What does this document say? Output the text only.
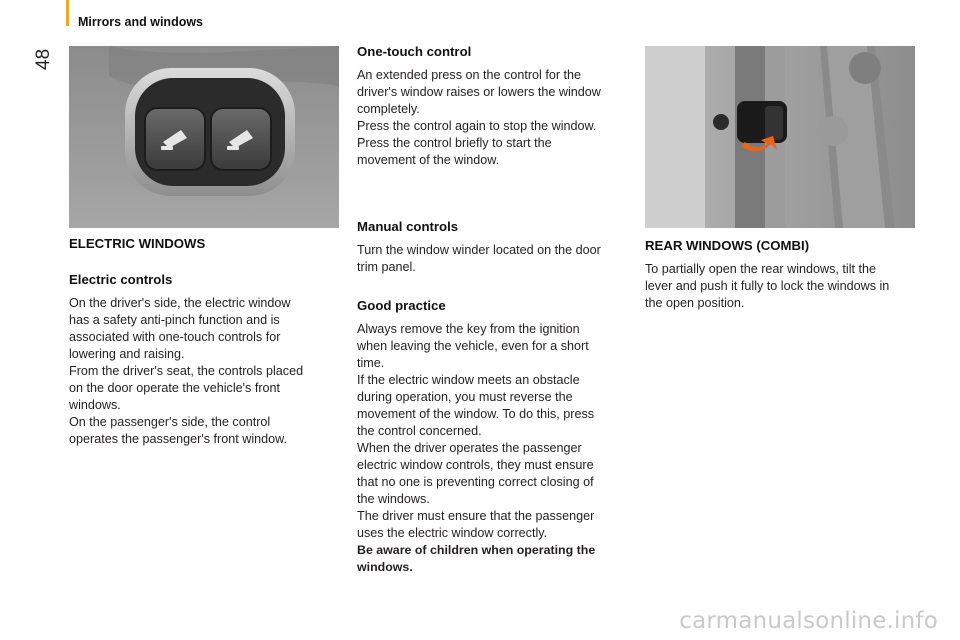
48
Mirrors and windows
ELECTRIC WINDOWS
Electric controls

On the driver's side, the electric window
has a safety anti-pinch function and is
associated with one-touch controls for
lowering and raising.
From the driver's seat, the controls placed
on the door operate the vehicle's front
windows.
On the passenger's side, the control
operates the passenger's front window.

One-touch control

An extended press on the control for the
driver's window raises or lowers the window
completely.
Press the control again to stop the window.
Press the control briefly to start the
movement of the window.

Manual controls

Turn the window winder located on the door
trim panel.

Good practice

Always remove the key from the ignition
when leaving the vehicle, even for a short
time.
If the electric window meets an obstacle
during operation, you must reverse the
movement of the window. To do this, press
the control concerned.
When the driver operates the passenger
electric window controls, they must ensure
that no one is preventing correct closing of
the windows.
The driver must ensure that the passenger
uses the electric window correctly.

Be aware of children when operating the windows.

REAR WINDOWS (COMBI)

To partially open the rear windows, tilt the
lever and push it fully to lock the windows in
the open position.

carmanualsonline.info
